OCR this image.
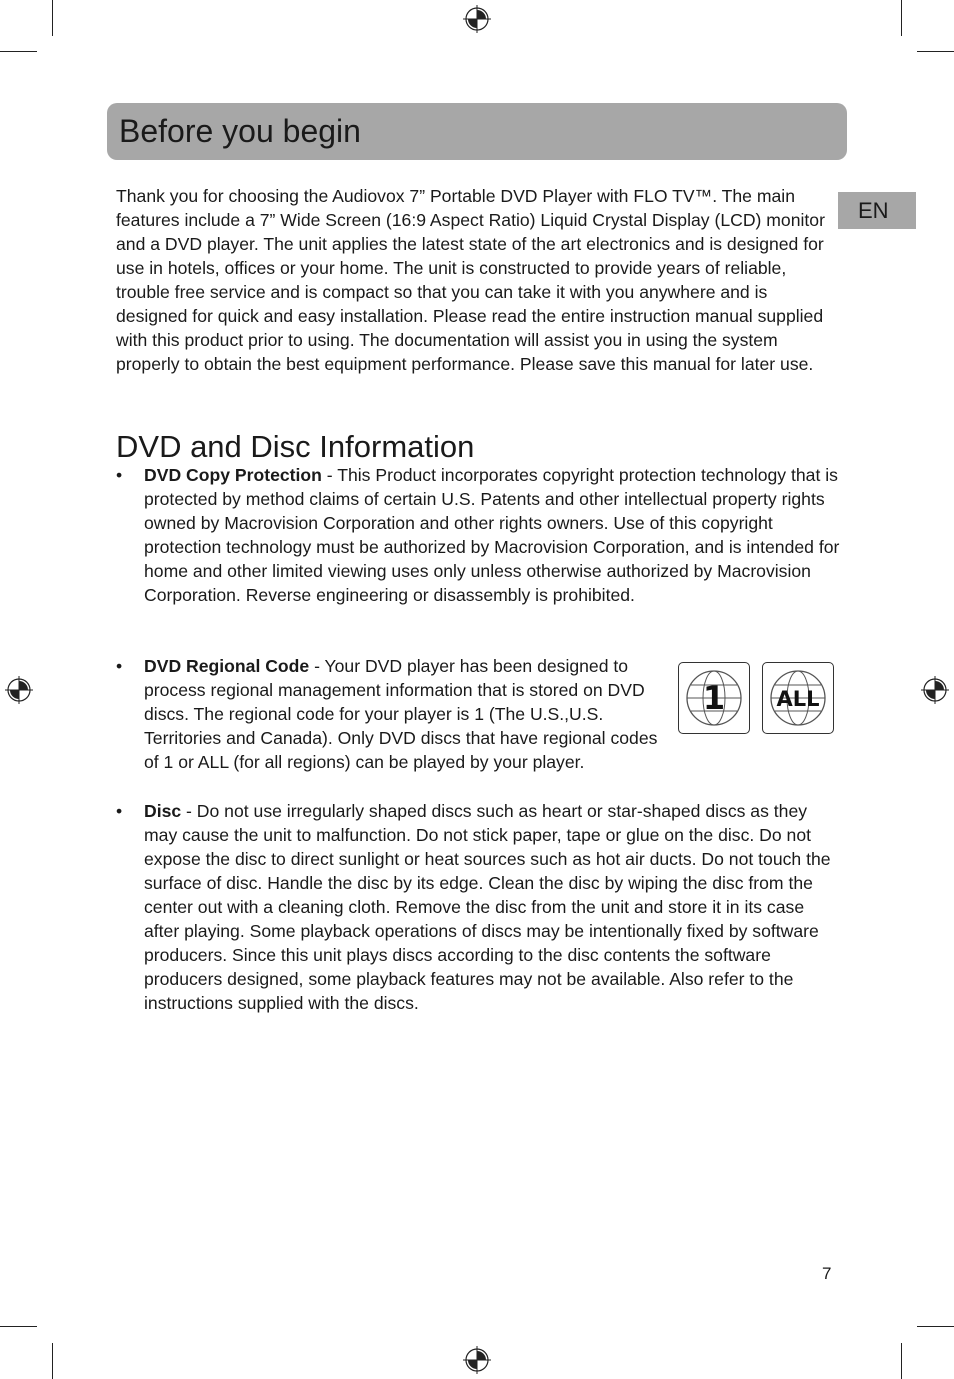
Before you begin
EN

Thank you for choosing the Audiovox 7” Portable DVD Player with FLO TV™. The main features include a 7” Wide Screen (16:9 Aspect Ratio) Liquid Crystal Display (LCD) monitor and a DVD player. The unit applies the latest state of the art electronics and is designed for use in hotels, offices or your home. The unit is constructed to provide years of reliable, trouble free service and is compact so that you can take it with you anywhere and is designed for quick and easy installation. Please read the entire instruction manual supplied with this product prior to using. The documentation will assist you in using the system properly to obtain the best equipment performance. Please save this manual for later use.

DVD and Disc Information
•	DVD Copy Protection - This Product incorporates copyright protection technology that is protected by method claims of certain U.S. Patents and other intellectual property rights owned by Macrovision Corporation and other rights owners. Use of this copyright protection technology must be authorized by Macrovision Corporation, and is intended for home and other limited viewing uses only unless otherwise authorized by Macrovision Corporation. Reverse engineering or disassembly is prohibited.
•	DVD Regional Code - Your DVD player has been designed to process regional management information that is stored on DVD discs. The regional code for your player is 1 (The U.S.,U.S. Territories and Canada). Only DVD discs that have regional codes of 1 or ALL (for all regions) can be played by your player.
1	ALL
•	Disc - Do not use irregularly shaped discs such as heart or star-shaped discs as they may cause the unit to malfunction. Do not stick paper, tape or glue on the disc. Do not expose the disc to direct sunlight or heat sources such as hot air ducts. Do not touch the surface of disc. Handle the disc by its edge. Clean the disc by wiping the disc from the center out with a cleaning cloth. Remove the disc from the unit and store it in its case after playing. Some playback operations of discs may be intentionally fixed by software producers. Since this unit plays discs according to the disc contents the software producers designed, some playback features may not be available. Also refer to the instructions supplied with the discs.
7
